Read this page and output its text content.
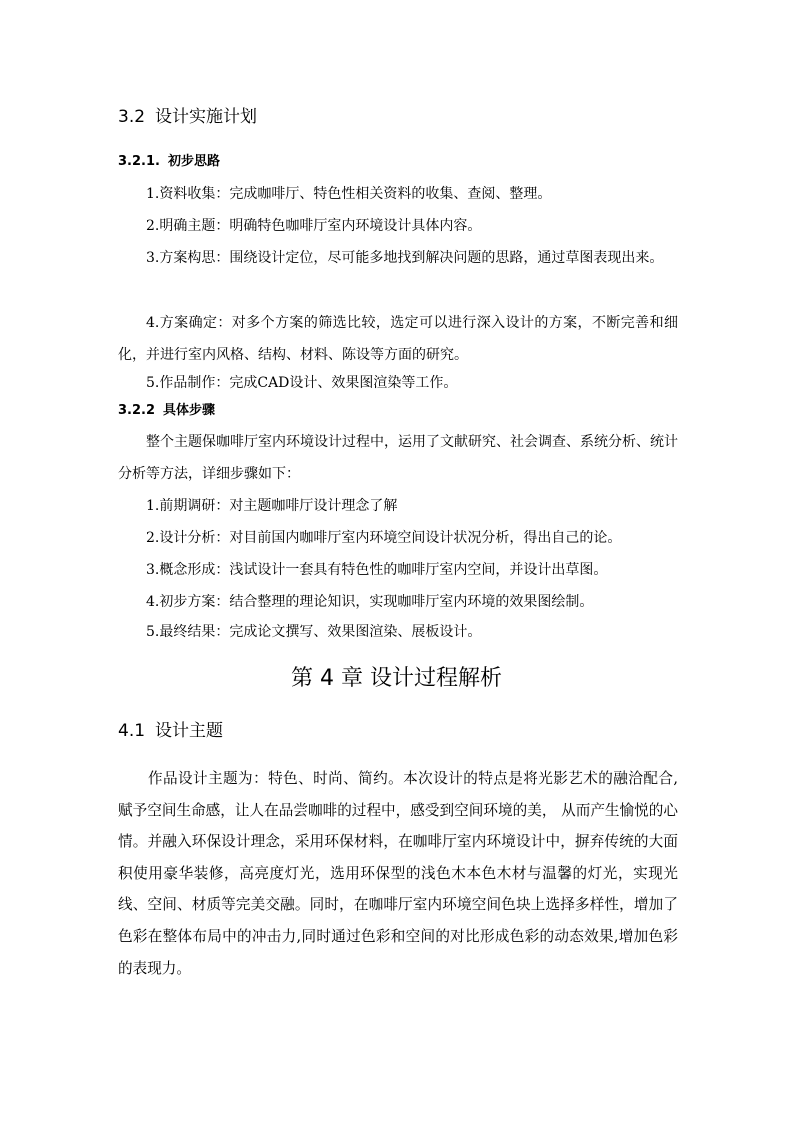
3.2 设计实施计划
3.2.1. 初步思路
1.资料收集：完成咖啡厅、特色性相关资料的收集、查阅、整理。
2.明确主题：明确特色咖啡厅室内环境设计具体内容。
3.方案构思：围绕设计定位，尽可能多地找到解决问题的思路，通过草图表现出来。
4.方案确定：对多个方案的筛选比较，选定可以进行深入设计的方案，不断完善和细化，并进行室内风格、结构、材料、陈设等方面的研究。
5.作品制作：完成CAD设计、效果图渲染等工作。
3.2.2 具体步骤
整个主题保咖啡厅室内环境设计过程中，运用了文献研究、社会调查、系统分析、统计分析等方法，详细步骤如下：
1.前期调研：对主题咖啡厅设计理念了解
2.设计分析：对目前国内咖啡厅室内环境空间设计状况分析，得出自己的论。
3.概念形成：浅试设计一套具有特色性的咖啡厅室内空间，并设计出草图。
4.初步方案：结合整理的理论知识，实现咖啡厅室内环境的效果图绘制。
5.最终结果：完成论文撰写、效果图渲染、展板设计。
第 4 章 设计过程解析
4.1 设计主题
作品设计主题为：特色、时尚、简约。本次设计的特点是将光影艺术的融洽配合,赋予空间生命感，让人在品尝咖啡的过程中，感受到空间环境的美， 从而产生愉悦的心情。并融入环保设计理念，采用环保材料，在咖啡厅室内环境设计中，摒弃传统的大面积使用豪华装修，高亮度灯光，选用环保型的浅色木本色木材与温馨的灯光，实现光线、空间、材质等完美交融。同时，在咖啡厅室内环境空间色块上选择多样性，增加了色彩在整体布局中的冲击力,同时通过色彩和空间的对比形成色彩的动态效果,增加色彩的表现力。
